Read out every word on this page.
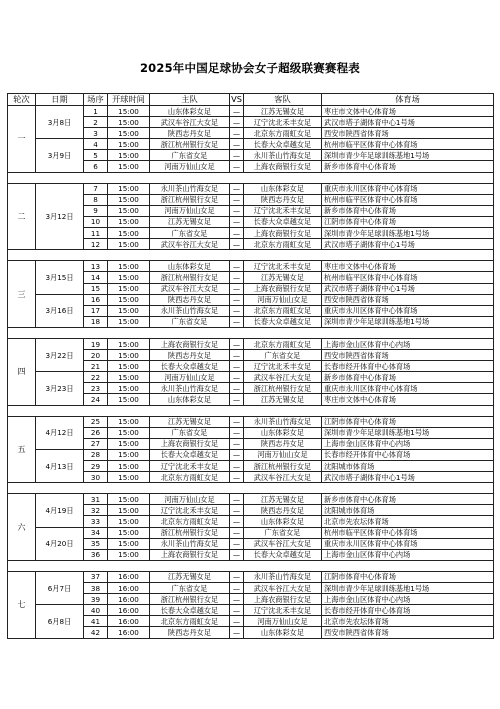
2025年中国足球协会女子超级联赛赛程表
轮次	日期	场序	开球时间	主队	VS	客队	体育场
一	3月8日	1	15:00	山东体彩女足	—	江苏无锡女足	枣庄市文体中心体育场
		2	15:00	武汉车谷江大女足	—	辽宁沈北禾丰女足	武汉市塔子湖体育中心1号场
		3	15:00	陕西志丹女足	—	北京东方雨虹女足	西安市陕西省体育场
	3月9日	4	15:00	浙江杭州银行女足	—	长春大众卓越女足	杭州市临平区体育中心体育场
		5	15:00	广东省女足	—	永川茶山竹海女足	深圳市青少年足球训练基地1号场
		6	15:00	河南万仙山女足	—	上海农商银行女足	新乡市体育中心体育场

二	3月12日	7	15:00	永川茶山竹海女足	—	山东体彩女足	重庆市永川区体育中心体育场
		8	15:00	浙江杭州银行女足	—	陕西志丹女足	杭州市临平区体育中心体育场
		9	15:00	河南万仙山女足	—	辽宁沈北禾丰女足	新乡市体育中心体育场
		10	15:00	江苏无锡女足	—	长春大众卓越女足	江阴市体育中心体育场
		11	15:00	广东省女足	—	上海农商银行女足	深圳市青少年足球训练基地1号场
		12	15:00	武汉车谷江大女足	—	北京东方雨虹女足	武汉市塔子湖体育中心1号场

三	3月15日	13	15:00	山东体彩女足	—	辽宁沈北禾丰女足	枣庄市文体中心体育场
		14	15:00	浙江杭州银行女足	—	江苏无锡女足	杭州市临平区体育中心体育场
		15	15:00	武汉车谷江大女足	—	上海农商银行女足	武汉市塔子湖体育中心1号场
	3月16日	16	15:00	陕西志丹女足	—	河南万仙山女足	西安市陕西省体育场
		17	15:00	永川茶山竹海女足	—	北京东方雨虹女足	重庆市永川区体育中心体育场
		18	15:00	广东省女足	—	长春大众卓越女足	深圳市青少年足球训练基地1号场

四	3月22日	19	15:00	上海农商银行女足	—	北京东方雨虹女足	上海市金山区体育中心内场
		20	15:00	陕西志丹女足	—	广东省女足	西安市陕西省体育场
		21	15:00	长春大众卓越女足	—	辽宁沈北禾丰女足	长春市经开体育中心体育场
	3月23日	22	15:00	河南万仙山女足	—	武汉车谷江大女足	新乡市体育中心体育场
		23	15:00	永川茶山竹海女足	—	浙江杭州银行女足	重庆市永川区体育中心体育场
		24	15:00	山东体彩女足	—	江苏无锡女足	枣庄市文体中心体育场

五	4月12日	25	15:00	江苏无锡女足	—	永川茶山竹海女足	江阴市体育中心体育场
		26	15:00	广东省女足	—	山东体彩女足	深圳市青少年足球训练基地1号场
		27	15:00	上海农商银行女足	—	陕西志丹女足	上海市金山区体育中心内场
	4月13日	28	15:00	长春大众卓越女足	—	河南万仙山女足	长春市经开体育中心体育场
		29	15:00	辽宁沈北禾丰女足	—	浙江杭州银行女足	沈阳城市体育场
		30	15:00	北京东方雨虹女足	—	武汉车谷江大女足	武汉市塔子湖体育中心1号场

六	4月19日	31	15:00	河南万仙山女足	—	江苏无锡女足	新乡市体育中心体育场
		32	15:00	辽宁沈北禾丰女足	—	陕西志丹女足	沈阳城市体育场
		33	15:00	北京东方雨虹女足	—	山东体彩女足	北京市先农坛体育场
	4月20日	34	15:00	浙江杭州银行女足	—	广东省女足	杭州市临平区体育中心体育场
		35	15:00	永川茶山竹海女足	—	武汉车谷江大女足	重庆市永川区体育中心体育场
		36	15:00	上海农商银行女足	—	长春大众卓越女足	上海市金山区体育中心内场

七	6月7日	37	16:00	江苏无锡女足	—	永川茶山竹海女足	江阴市体育中心体育场
		38	16:00	广东省女足	—	武汉车谷江大女足	深圳市青少年足球训练基地1号场
		39	16:00	浙江杭州银行女足	—	上海农商银行女足	上海市金山区体育中心内场
	6月8日	40	16:00	长春大众卓越女足	—	辽宁沈北禾丰女足	长春市经开体育中心体育场
		41	16:00	北京东方雨虹女足	—	河南万仙山女足	北京市先农坛体育场
		42	16:00	陕西志丹女足	—	山东体彩女足	西安市陕西省体育场
